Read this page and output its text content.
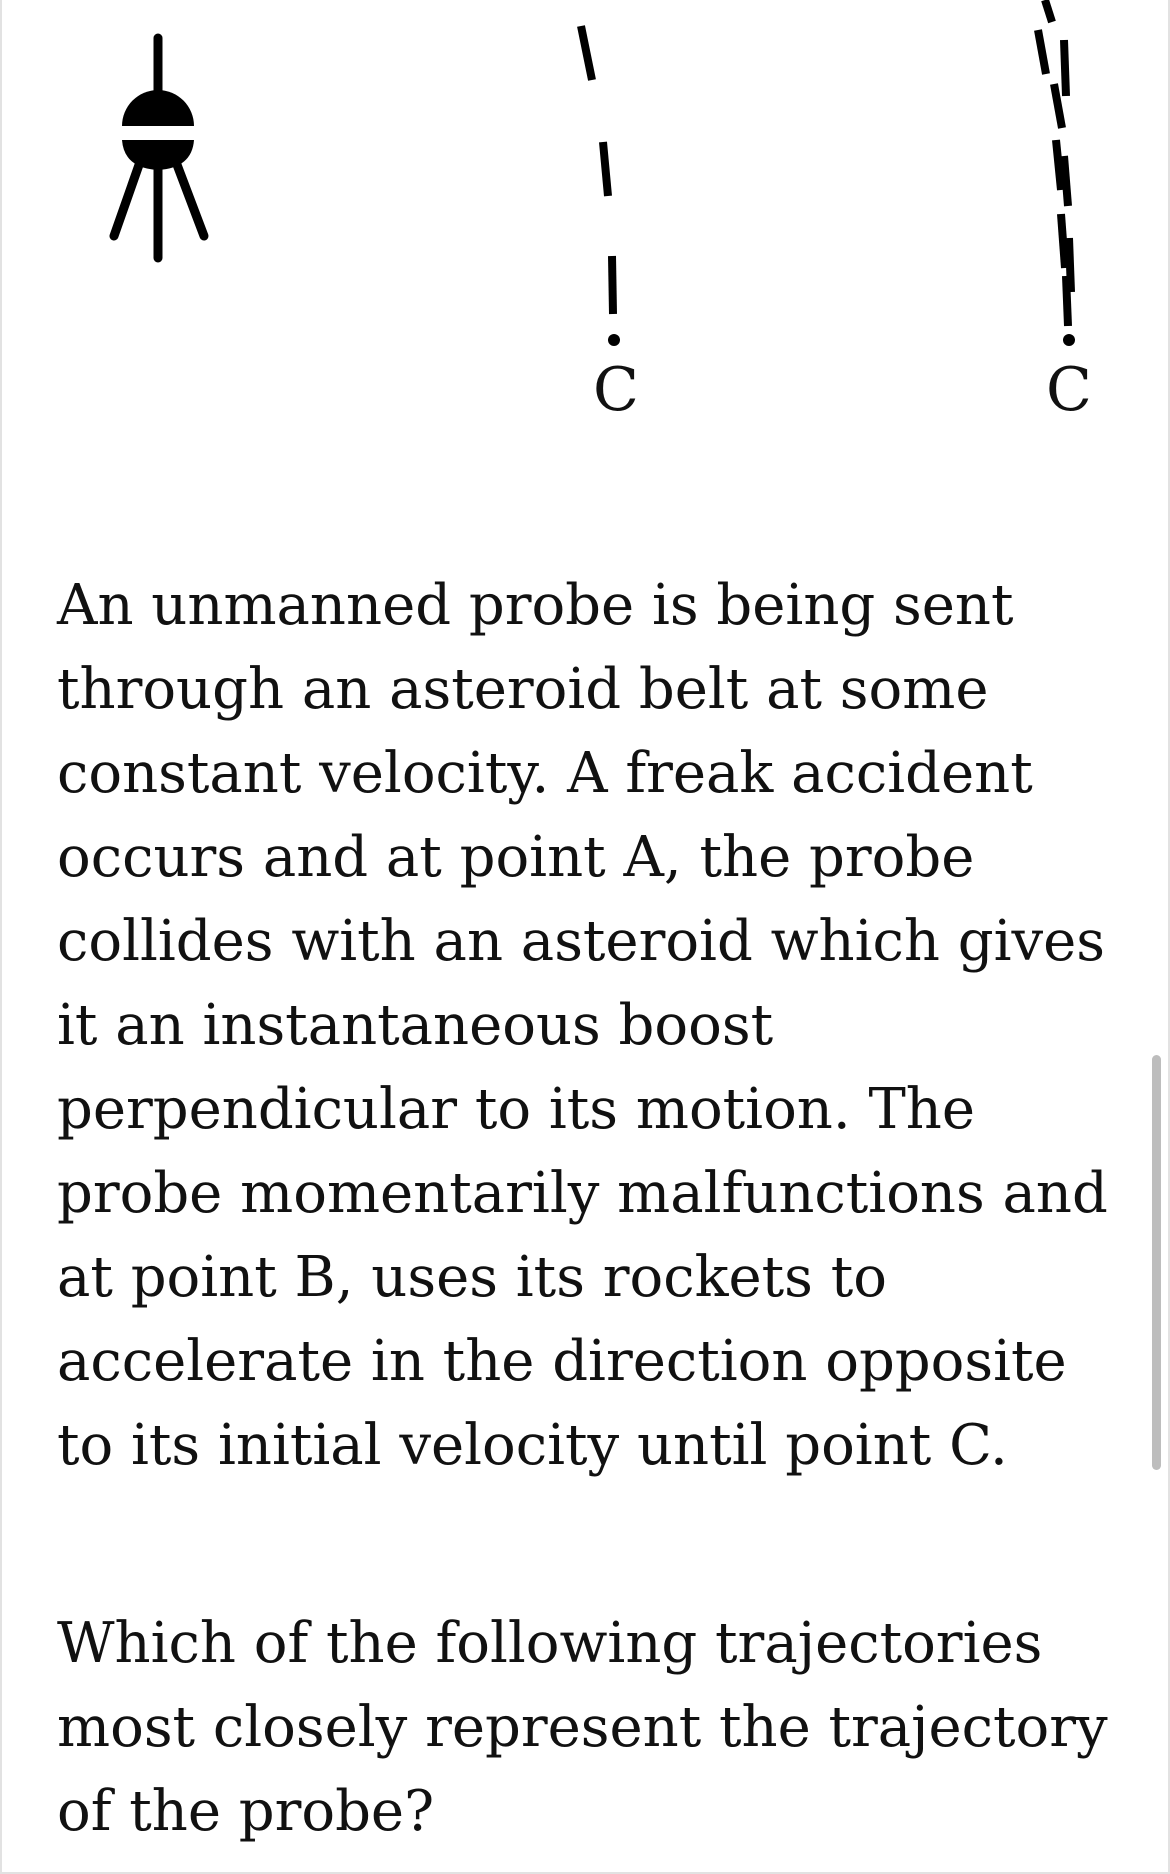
C	C

An unmanned probe is being sent through an asteroid belt at some constant velocity. A freak accident occurs and at point A, the probe collides with an asteroid which gives it an instantaneous boost perpendicular to its motion. The probe momentarily malfunctions and at point B, uses its rockets to accelerate in the direction opposite to its initial velocity until point C.

Which of the following trajectories most closely represent the trajectory of the probe?
